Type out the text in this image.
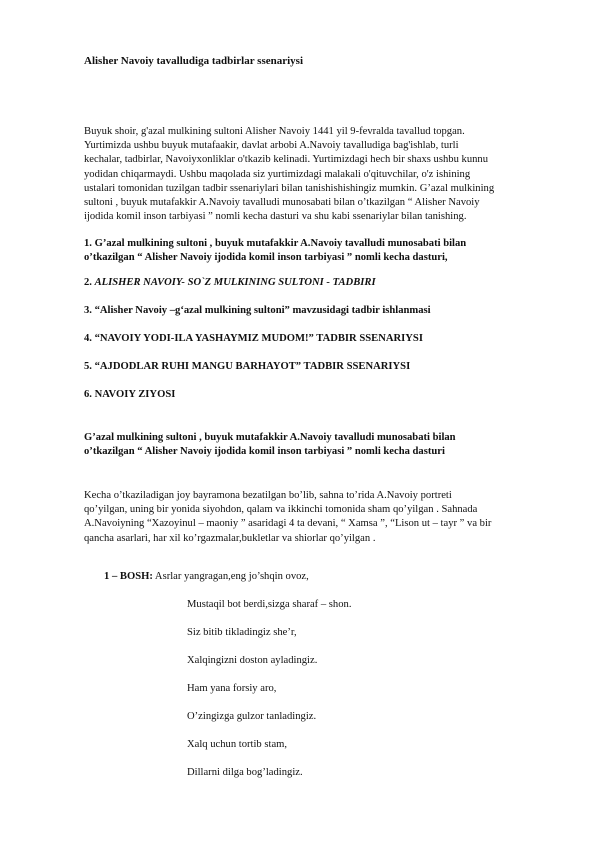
Alisher Navoiy tavalludiga tadbirlar ssenariysi
Buyuk shoir, g'azal mulkining sultoni Alisher Navoiy 1441 yil 9-fevralda tavallud topgan.
Yurtimizda ushbu buyuk mutafaakir, davlat arbobi A.Navoiy tavalludiga bag'ishlab, turli
kechalar, tadbirlar, Navoiyxonliklar o'tkazib kelinadi. Yurtimizdagi hech bir shaxs ushbu kunnu
yodidan chiqarmaydi. Ushbu maqolada siz yurtimizdagi malakali o'qituvchilar, o'z ishining
ustalari tomonidan tuzilgan tadbir ssenariylari bilan tanishishishingiz mumkin. G’azal mulkining
sultoni , buyuk mutafakkir A.Navoiy tavalludi munosabati bilan o’tkazilgan “ Alisher Navoiy
ijodida komil inson tarbiyasi ” nomli kecha dasturi va shu kabi ssenariylar bilan tanishing.
1. G’azal mulkining sultoni , buyuk mutafakkir A.Navoiy tavalludi munosabati bilan
o’tkazilgan “ Alisher Navoiy ijodida komil inson tarbiyasi ” nomli kecha dasturi,
2. ALISHER NAVOIY- SO`Z MULKINING SULTONI - TADBIRI
3. “Alisher Navoiy –g‘azal mulkining sultoni” mavzusidagi tadbir ishlanmasi
4. “NAVOIY YODI-ILA YASHAYMIZ MUDOM!” TADBIR SSENARIYSI
5. “AJDODLAR RUHI MANGU BARHAYOT” TADBIR SSENARIYSI
6. NAVOIY ZIYOSI
G’azal mulkining sultoni , buyuk mutafakkir A.Navoiy tavalludi munosabati bilan
o’tkazilgan “ Alisher Navoiy ijodida komil inson tarbiyasi ” nomli kecha dasturi
Kecha o’tkaziladigan joy bayramona bezatilgan bo’lib, sahna to’rida A.Navoiy portreti
qo’yilgan, uning bir yonida siyohdon, qalam va ikkinchi tomonida sham qo’yilgan . Sahnada
A.Navoiyning “Xazoyinul – maoniy ” asaridagi 4 ta devani, “ Xamsa ”, “Lison ut – tayr ” va bir
qancha asarlari, har xil ko’rgazmalar,bukletlar va shiorlar qo’yilgan .
1 – BOSH: Asrlar yangragan,eng jo’shqin ovoz,
Mustaqil bot berdi,sizga sharaf – shon.
Siz bitib tikladingiz she’r,
Xalqingizni doston ayladingiz.
Ham yana forsiy aro,
O’zingizga gulzor tanladingiz.
Xalq uchun tortib stam,
Dillarni dilga bog’ladingiz.
